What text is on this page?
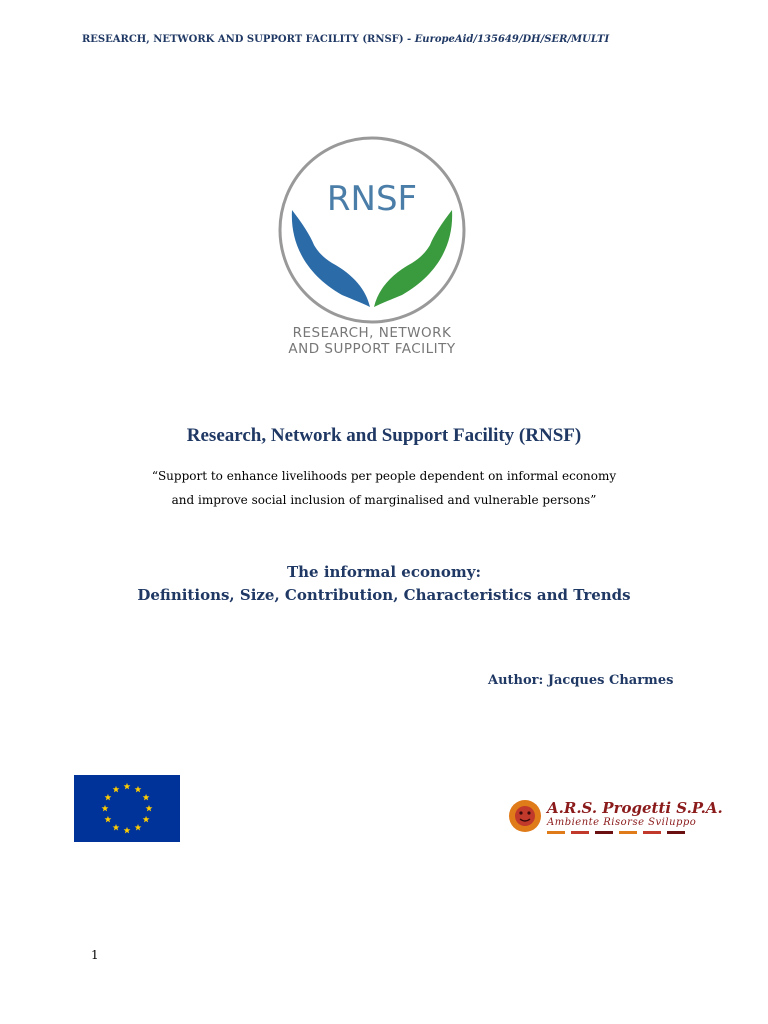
RESEARCH, NETWORK AND SUPPORT FACILITY (RNSF) - EuropeAid/135649/DH/SER/MULTI
RNSF
RESEARCH, NETWORK
AND SUPPORT FACILITY
Research, Network and Support Facility (RNSF)
“Support to enhance livelihoods per people dependent on informal economy
and improve social inclusion of marginalised and vulnerable persons”
The informal economy:
Definitions, Size, Contribution, Characteristics and Trends
Author: Jacques Charmes
A.R.S. Progetti S.P.A.
Ambiente Risorse Sviluppo
1
